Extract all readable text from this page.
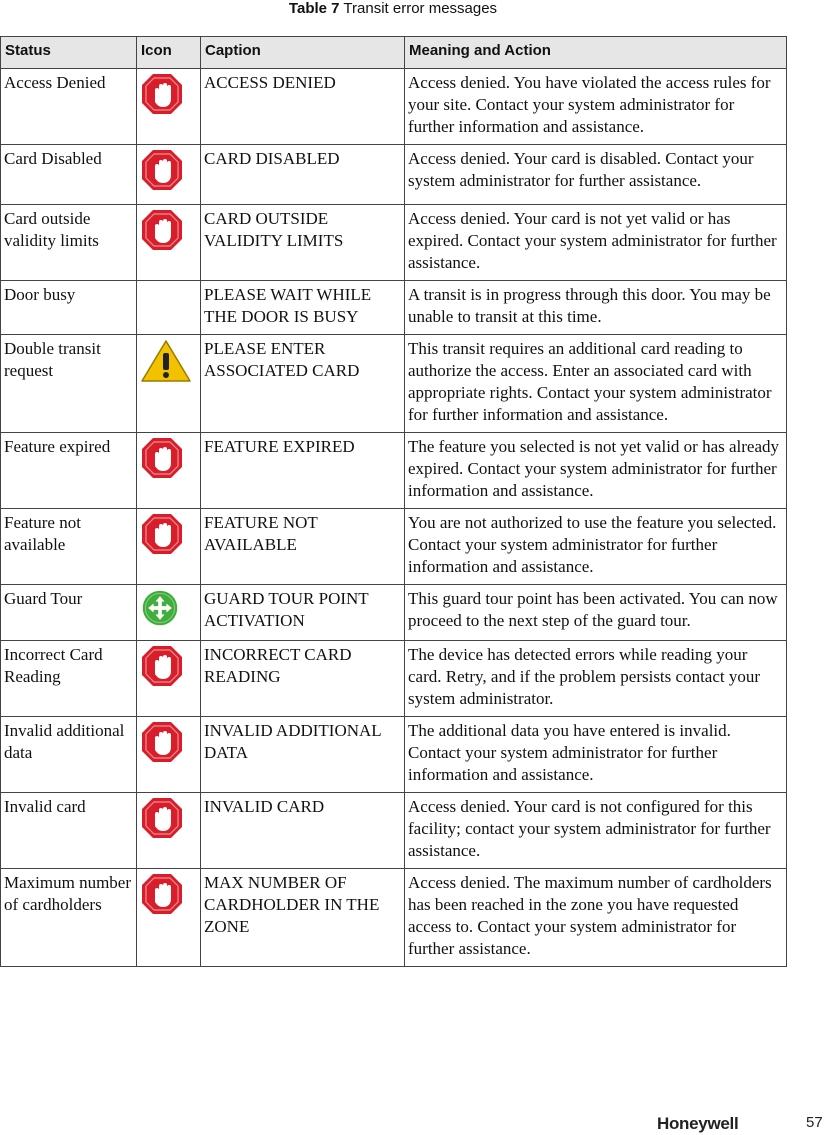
Table 7 Transit error messages
Status	Icon	Caption	Meaning and Action
Access Denied		ACCESS DENIED	Access denied. You have violated the access rules for your site. Contact your system administrator for further information and assistance.
Card Disabled		CARD DISABLED	Access denied. Your card is disabled. Contact your system administrator for further assistance.
Card outside validity limits		CARD OUTSIDE VALIDITY LIMITS	Access denied. Your card is not yet valid or has expired. Contact your system administrator for further assistance.
Door busy		PLEASE WAIT WHILE THE DOOR IS BUSY	A transit is in progress through this door. You may be unable to transit at this time.
Double transit request		PLEASE ENTER ASSOCIATED CARD	This transit requires an additional card reading to authorize the access. Enter an associated card with appropriate rights. Contact your system administrator for further information and assistance.
Feature expired		FEATURE EXPIRED	The feature you selected is not yet valid or has already expired. Contact your system administrator for further information and assistance.
Feature not available		FEATURE NOT AVAILABLE	You are not authorized to use the feature you selected. Contact your system administrator for further information and assistance.
Guard Tour		GUARD TOUR POINT ACTIVATION	This guard tour point has been activated. You can now proceed to the next step of the guard tour.
Incorrect Card Reading		INCORRECT CARD READING	The device has detected errors while reading your card. Retry, and if the problem persists contact your system administrator.
Invalid additional data		INVALID ADDITIONAL DATA	The additional data you have entered is invalid. Contact your system administrator for further information and assistance.
Invalid card		INVALID CARD	Access denied. Your card is not configured for this facility; contact your system administrator for further assistance.
Maximum number of cardholders		MAX NUMBER OF CARDHOLDER IN THE ZONE	Access denied. The maximum number of cardholders has been reached in the zone you have requested access to. Contact your system administrator for further assistance.
Honeywell	57
